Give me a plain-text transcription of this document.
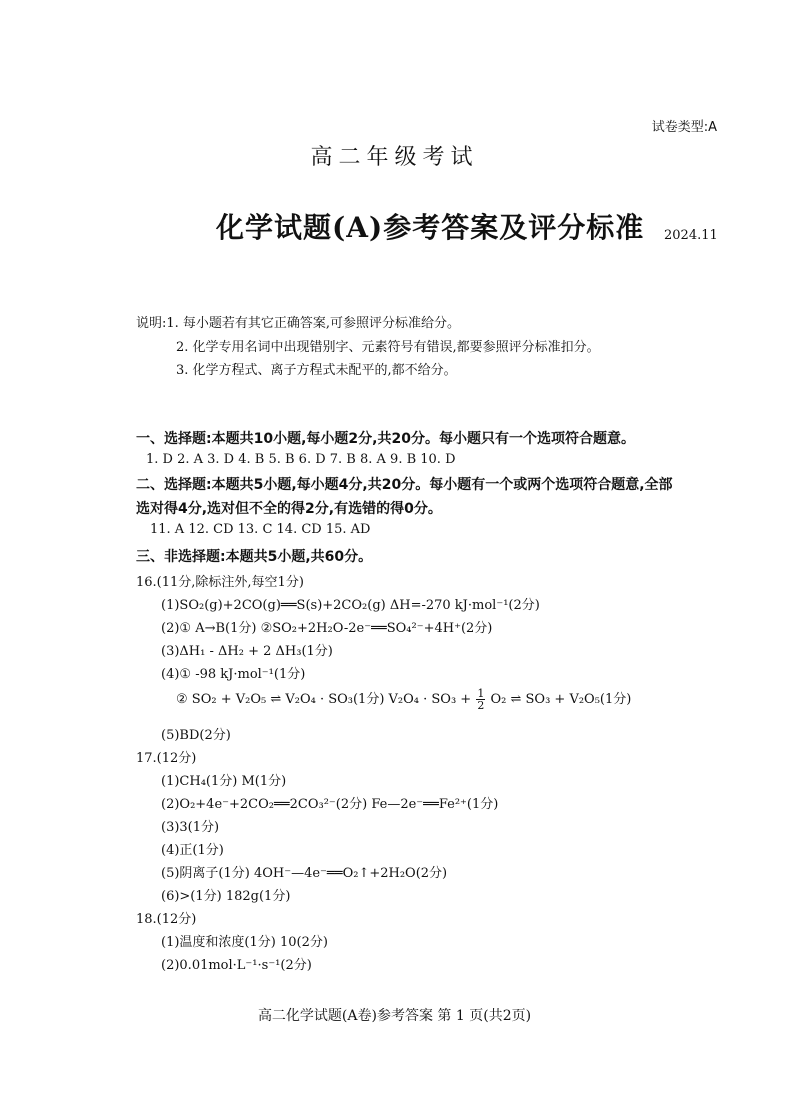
试卷类型:A
高二年级考试
化学试题(A)参考答案及评分标准 2024.11
说明:1. 每小题若有其它正确答案,可参照评分标准给分。
2. 化学专用名词中出现错别字、元素符号有错误,都要参照评分标准扣分。
3. 化学方程式、离子方程式未配平的,都不给分。
一、选择题:本题共10小题,每小题2分,共20分。每小题只有一个选项符合题意。
1. D 2. A 3. D 4. B 5. B 6. D 7. B 8. A 9. B 10. D
二、选择题:本题共5小题,每小题4分,共20分。每小题有一个或两个选项符合题意,全部
选对得4分,选对但不全的得2分,有选错的得0分。
11. A 12. CD 13. C 14. CD 15. AD
三、非选择题:本题共5小题,共60分。
16.(11分,除标注外,每空1分)
(1)SO₂(g)+2CO(g)══S(s)+2CO₂(g) ΔH=-270 kJ·mol⁻¹(2分)
(2)① A→B(1分) ②SO₂+2H₂O-2e⁻══SO₄²⁻+4H⁺(2分)
(3)ΔH₁ - ΔH₂ + 2 ΔH₃(1分)
(4)① -98 kJ·mol⁻¹(1分)
② SO₂ + V₂O₅ ⇌ V₂O₄ · SO₃(1分) $V_2O_4 \cdot SO_3 + \frac{1}{2} O_2$ ⇌ SO₃ + V₂O₅(1分)
(5)BD(2分)
17.(12分)
(1)CH₄(1分) M(1分)
(2)O₂+4e⁻+2CO₂══2CO₃²⁻(2分) Fe—2e⁻══Fe²⁺(1分)
(3)3(1分)
(4)正(1分)
(5)阴离子(1分) 4OH⁻—4e⁻══O₂↑+2H₂O(2分)
(6)>(1分) 182g(1分)
18.(12分)
(1)温度和浓度(1分) 10(2分)
(2)0.01mol·L⁻¹·s⁻¹(2分)
高二化学试题(A卷)参考答案 第 1 页(共2页)
